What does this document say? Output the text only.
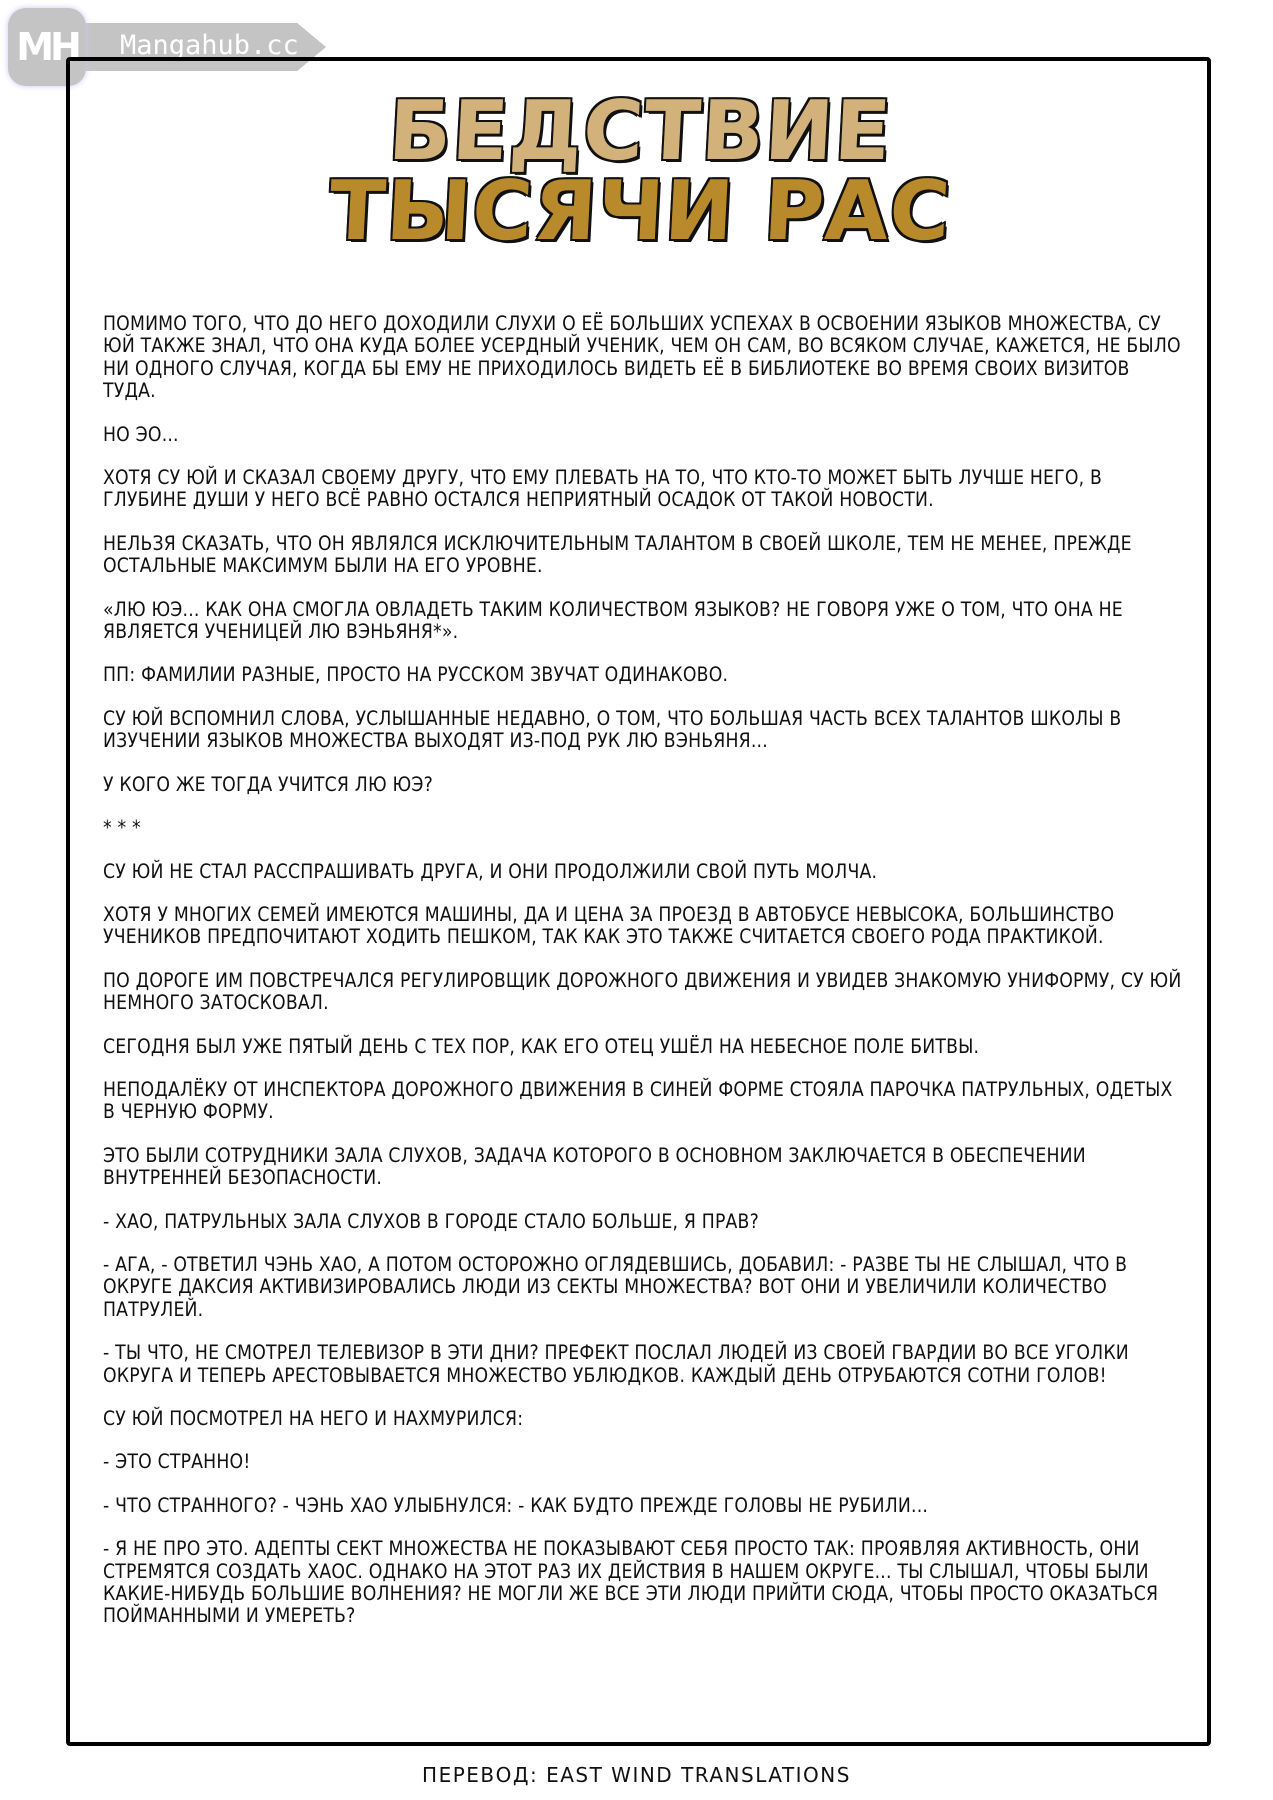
MH	Mangahub.cc
БЕДСТВИЕ
ТЫСЯЧИ РАС

ПОМИМО ТОГО, ЧТО ДО НЕГО ДОХОДИЛИ СЛУХИ О ЕЁ БОЛЬШИХ УСПЕХАХ В ОСВОЕНИИ ЯЗЫКОВ МНОЖЕСТВА, СУ ЮЙ ТАКЖЕ ЗНАЛ, ЧТО ОНА КУДА БОЛЕЕ УСЕРДНЫЙ УЧЕНИК, ЧЕМ ОН САМ, ВО ВСЯКОМ СЛУЧАЕ, КАЖЕТСЯ, НЕ БЫЛО НИ ОДНОГО СЛУЧАЯ, КОГДА БЫ ЕМУ НЕ ПРИХОДИЛОСЬ ВИДЕТЬ ЕЁ В БИБЛИОТЕКЕ ВО ВРЕМЯ СВОИХ ВИЗИТОВ ТУДА.

НО ЭО...

ХОТЯ СУ ЮЙ И СКАЗАЛ СВОЕМУ ДРУГУ, ЧТО ЕМУ ПЛЕВАТЬ НА ТО, ЧТО КТО-ТО МОЖЕТ БЫТЬ ЛУЧШЕ НЕГО, В ГЛУБИНЕ ДУШИ У НЕГО ВСЁ РАВНО ОСТАЛСЯ НЕПРИЯТНЫЙ ОСАДОК ОТ ТАКОЙ НОВОСТИ.

НЕЛЬЗЯ СКАЗАТЬ, ЧТО ОН ЯВЛЯЛСЯ ИСКЛЮЧИТЕЛЬНЫМ ТАЛАНТОМ В СВОЕЙ ШКОЛЕ, ТЕМ НЕ МЕНЕЕ, ПРЕЖДЕ ОСТАЛЬНЫЕ МАКСИМУМ БЫЛИ НА ЕГО УРОВНЕ.

«ЛЮ ЮЭ... КАК ОНА СМОГЛА ОВЛАДЕТЬ ТАКИМ КОЛИЧЕСТВОМ ЯЗЫКОВ? НЕ ГОВОРЯ УЖЕ О ТОМ, ЧТО ОНА НЕ ЯВЛЯЕТСЯ УЧЕНИЦЕЙ ЛЮ ВЭНЬЯНЯ*».

ПП: ФАМИЛИИ РАЗНЫЕ, ПРОСТО НА РУССКОМ ЗВУЧАТ ОДИНАКОВО.

СУ ЮЙ ВСПОМНИЛ СЛОВА, УСЛЫШАННЫЕ НЕДАВНО, О ТОМ, ЧТО БОЛЬШАЯ ЧАСТЬ ВСЕХ ТАЛАНТОВ ШКОЛЫ В ИЗУЧЕНИИ ЯЗЫКОВ МНОЖЕСТВА ВЫХОДЯТ ИЗ-ПОД РУК ЛЮ ВЭНЬЯНЯ...

У КОГО ЖЕ ТОГДА УЧИТСЯ ЛЮ ЮЭ?

* * *

СУ ЮЙ НЕ СТАЛ РАССПРАШИВАТЬ ДРУГА, И ОНИ ПРОДОЛЖИЛИ СВОЙ ПУТЬ МОЛЧА.

ХОТЯ У МНОГИХ СЕМЕЙ ИМЕЮТСЯ МАШИНЫ, ДА И ЦЕНА ЗА ПРОЕЗД В АВТОБУСЕ НЕВЫСОКА, БОЛЬШИНСТВО УЧЕНИКОВ ПРЕДПОЧИТАЮТ ХОДИТЬ ПЕШКОМ, ТАК КАК ЭТО ТАКЖЕ СЧИТАЕТСЯ СВОЕГО РОДА ПРАКТИКОЙ.

ПО ДОРОГЕ ИМ ПОВСТРЕЧАЛСЯ РЕГУЛИРОВЩИК ДОРОЖНОГО ДВИЖЕНИЯ И УВИДЕВ ЗНАКОМУЮ УНИФОРМУ, СУ ЮЙ НЕМНОГО ЗАТОСКОВАЛ.

СЕГОДНЯ БЫЛ УЖЕ ПЯТЫЙ ДЕНЬ С ТЕХ ПОР, КАК ЕГО ОТЕЦ УШЁЛ НА НЕБЕСНОЕ ПОЛЕ БИТВЫ.

НЕПОДАЛЁКУ ОТ ИНСПЕКТОРА ДОРОЖНОГО ДВИЖЕНИЯ В СИНЕЙ ФОРМЕ СТОЯЛА ПАРОЧКА ПАТРУЛЬНЫХ, ОДЕТЫХ В ЧЕРНУЮ ФОРМУ.

ЭТО БЫЛИ СОТРУДНИКИ ЗАЛА СЛУХОВ, ЗАДАЧА КОТОРОГО В ОСНОВНОМ ЗАКЛЮЧАЕТСЯ В ОБЕСПЕЧЕНИИ ВНУТРЕННЕЙ БЕЗОПАСНОСТИ.

- ХАО, ПАТРУЛЬНЫХ ЗАЛА СЛУХОВ В ГОРОДЕ СТАЛО БОЛЬШЕ, Я ПРАВ?

- АГА, - ОТВЕТИЛ ЧЭНЬ ХАО, А ПОТОМ ОСТОРОЖНО ОГЛЯДЕВШИСЬ, ДОБАВИЛ: - РАЗВЕ ТЫ НЕ СЛЫШАЛ, ЧТО В ОКРУГЕ ДАКСИЯ АКТИВИЗИРОВАЛИСЬ ЛЮДИ ИЗ СЕКТЫ МНОЖЕСТВА? ВОТ ОНИ И УВЕЛИЧИЛИ КОЛИЧЕСТВО ПАТРУЛЕЙ.

- ТЫ ЧТО, НЕ СМОТРЕЛ ТЕЛЕВИЗОР В ЭТИ ДНИ? ПРЕФЕКТ ПОСЛАЛ ЛЮДЕЙ ИЗ СВОЕЙ ГВАРДИИ ВО ВСЕ УГОЛКИ ОКРУГА И ТЕПЕРЬ АРЕСТОВЫВАЕТСЯ МНОЖЕСТВО УБЛЮДКОВ. КАЖДЫЙ ДЕНЬ ОТРУБАЮТСЯ СОТНИ ГОЛОВ!

СУ ЮЙ ПОСМОТРЕЛ НА НЕГО И НАХМУРИЛСЯ:

- ЭТО СТРАННО!

- ЧТО СТРАННОГО? - ЧЭНЬ ХАО УЛЫБНУЛСЯ: - КАК БУДТО ПРЕЖДЕ ГОЛОВЫ НЕ РУБИЛИ...

- Я НЕ ПРО ЭТО. АДЕПТЫ СЕКТ МНОЖЕСТВА НЕ ПОКАЗЫВАЮТ СЕБЯ ПРОСТО ТАК: ПРОЯВЛЯЯ АКТИВНОСТЬ, ОНИ СТРЕМЯТСЯ СОЗДАТЬ ХАОС. ОДНАКО НА ЭТОТ РАЗ ИХ ДЕЙСТВИЯ В НАШЕМ ОКРУГЕ... ТЫ СЛЫШАЛ, ЧТОБЫ БЫЛИ КАКИЕ-НИБУДЬ БОЛЬШИЕ ВОЛНЕНИЯ? НЕ МОГЛИ ЖЕ ВСЕ ЭТИ ЛЮДИ ПРИЙТИ СЮДА, ЧТОБЫ ПРОСТО ОКАЗАТЬСЯ ПОЙМАННЫМИ И УМЕРЕТЬ?

ПЕРЕВОД: EAST WIND TRANSLATIONS
